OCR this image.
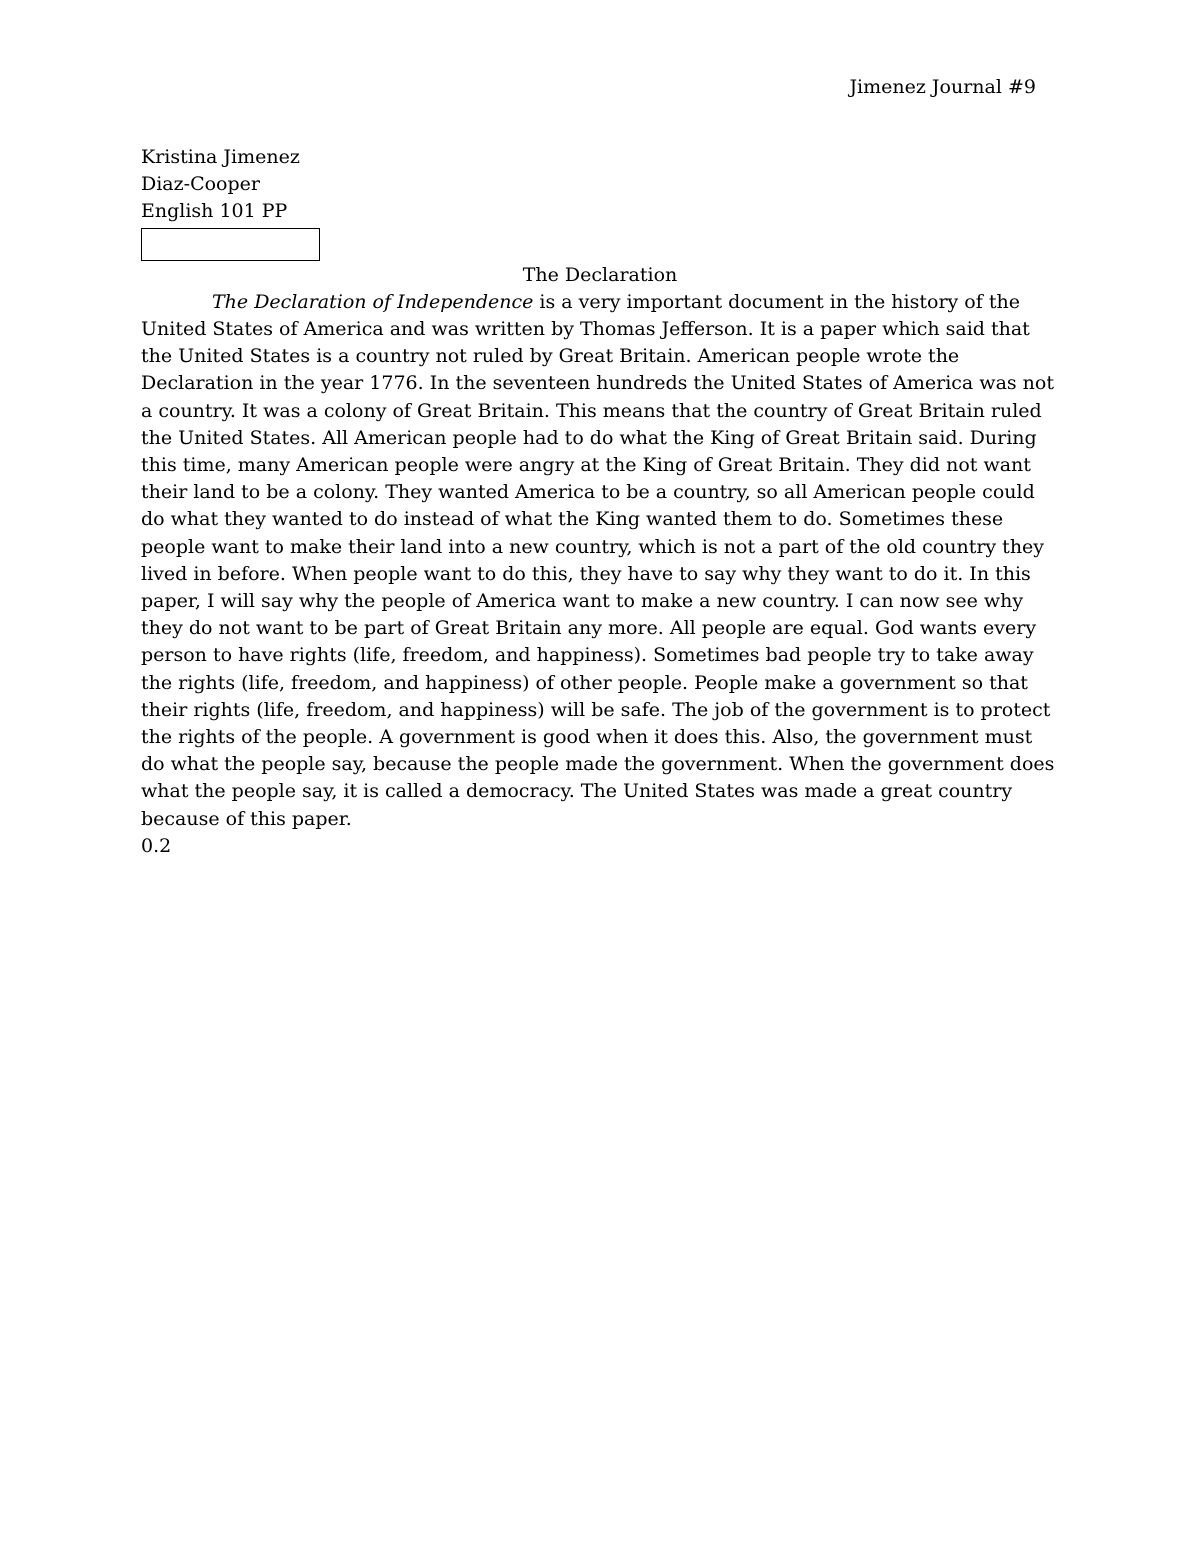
Jimenez Journal #9
Kristina Jimenez
Diaz-Cooper
English 101 PP
The Declaration

The Declaration of Independence is a very important document in the history of the United States of America and was written by Thomas Jefferson. It is a paper which said that the United States is a country not ruled by Great Britain. American people wrote the Declaration in the year 1776. In the seventeen hundreds the United States of America was not a country. It was a colony of Great Britain. This means that the country of Great Britain ruled the United States. All American people had to do what the King of Great Britain said. During this time, many American people were angry at the King of Great Britain. They did not want their land to be a colony. They wanted America to be a country, so all American people could do what they wanted to do instead of what the King wanted them to do. Sometimes these people want to make their land into a new country, which is not a part of the old country they lived in before. When people want to do this, they have to say why they want to do it. In this paper, I will say why the people of America want to make a new country. I can now see why they do not want to be part of Great Britain any more. All people are equal. God wants every person to have rights (life, freedom, and happiness). Sometimes bad people try to take away the rights (life, freedom, and happiness) of other people. People make a government so that their rights (life, freedom, and happiness) will be safe. The job of the government is to protect the rights of the people. A government is good when it does this. Also, the government must do what the people say, because the people made the government. When the government does what the people say, it is called a democracy. The United States was made a great country because of this paper.

0.2
